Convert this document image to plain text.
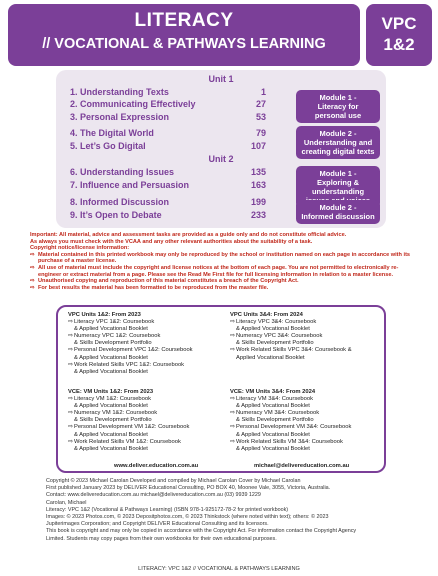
LITERACY
// VOCATIONAL & PATHWAYS LEARNING
VPC
1&2
Unit 1
1. Understanding Texts	1
2. Communicating Effectively	27
3. Personal Expression	53
4. The Digital World	79
5. Let’s Go Digital	107
Unit 2
6. Understanding Issues	135
7. Influence and Persuasion	163
8. Informed Discussion	199
9. It’s Open to Debate	233
Module 1 -
Literacy for
personal use
Module 2 -
Understanding and
creating digital texts
Module 1 -
Exploring & understanding
Module 2 -
Informed discussion
Important: All material, advice and assessment tasks are provided as a guide only and do not constitute official advice.
As always you must check with the VCAA and any other relevant authorities about the suitability of a task.
Copyright notice/license information:
⇨ Material contained in this printed workbook may only be reproduced by the school or institution named on each page in accordance with its purchase of a master license.
⇨ All use of material must include the copyright and license notices at the bottom of each page. You are not permitted to electronically re-engineer or extract material from a page. Please see the Read Me First file for full licensing information in relation to a master license.
⇨ Unauthorised copying and reproduction of this material constitutes a breach of the Copyright Act.
⇨ For best results the material has been formatted to be reproduced from the master file.
VPC Units 1&2: From 2023
⇨ Literacy VPC 1&2: Coursebook
& Applied Vocational Booklet
⇨ Numeracy VPC 1&2: Coursebook
& Skills Development Portfolio
⇨ Personal Development VPC 1&2: Coursebook
& Applied Vocational Booklet
⇨ Work Related Skills VPC 1&2: Coursebook
& Applied Vocational Booklet
VPC Units 3&4: From 2024
⇨ Literacy VPC 3&4: Coursebook
& Applied Vocational Booklet
⇨ Numeracy VPC 3&4: Coursebook
& Skills Development Portfolio
⇨ Work Related Skills VPC 3&4: Coursebook &
Applied Vocational Booklet
VCE: VM Units 1&2: From 2023
⇨ Literacy VM 1&2: Coursebook
& Applied Vocational Booklet
⇨ Numeracy VM 1&2: Coursebook
& Skills Development Portfolio
⇨ Personal Development VM 1&2: Coursebook
& Applied Vocational Booklet
⇨ Work Related Skills VM 1&2: Coursebook
& Applied Vocational Booklet
VCE: VM Units 3&4: From 2024
⇨ Literacy VM 3&4: Coursebook
& Applied Vocational Booklet
⇨ Numeracy VM 3&4: Coursebook
& Skills Development Portfolio
⇨ Personal Development VM 3&4: Coursebook
& Applied Vocational Booklet
⇨ Work Related Skills VM 3&4: Coursebook
& Applied Vocational Booklet
www.deliver.education.com.au	michael@delivereducation.com.au
Copyright © 2023 Michael Carolan Developed and compiled by Michael Carolan Cover by Michael Carolan
First published January 2023 by DELIVER Educational Consulting, PO BOX 40, Moonee Vale, 3055, Victoria, Australia.
Contact: www.delivereducation.com.au michael@delivereducation.com.au (03) 9939 1229
Carolan, Michael
Literacy: VPC 1&2 (Vocational & Pathways Learning) (ISBN 978-1-925172-78-2 for printed workbook)
Images: © 2023 Photos.com, © 2023 Depositphotos.com, © 2023 Thinkstock (where noted within text); others: © 2023
Jupiterimages Corporation; and Copyright DELIVER Educational Consulting and its licensors.
This book is copyright and may only be copied in accordance with the Copyright Act. For information contact the Copyright Agency
Limited. Students may copy pages from their own workbooks for their own educational purposes.
LITERACY: VPC 1&2 // VOCATIONAL & PATHWAYS LEARNING
